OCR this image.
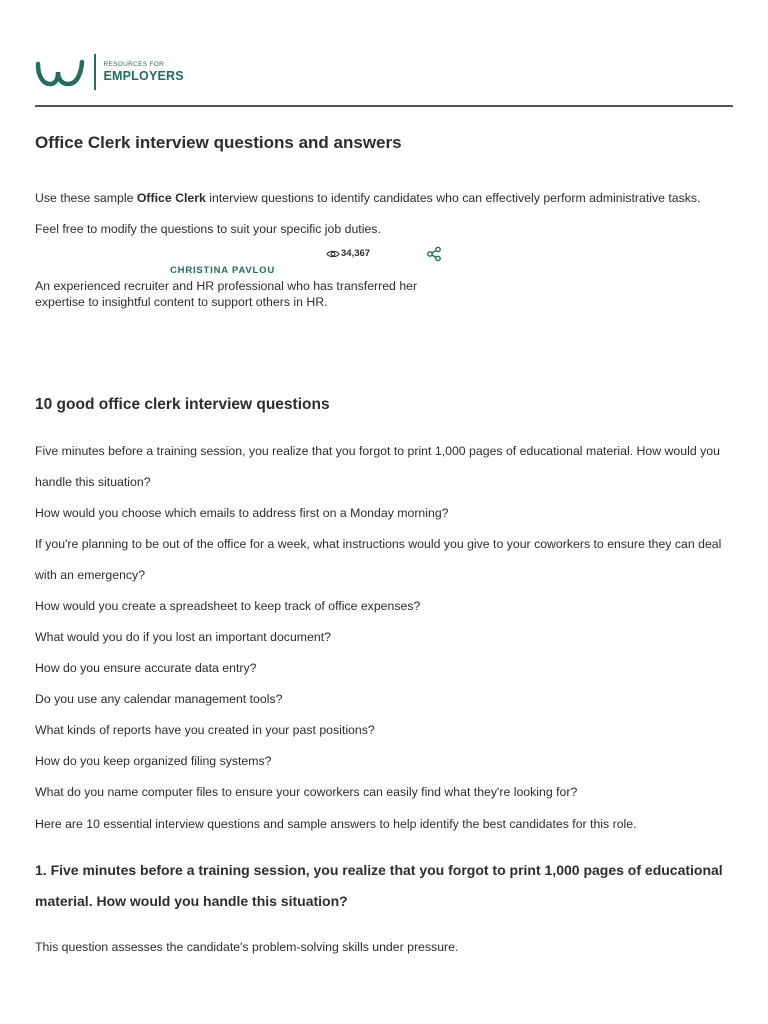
RESOURCES FOR
EMPLOYERS
Office Clerk interview questions and answers
Use these sample Office Clerk interview questions to identify candidates who can effectively perform administrative tasks. Feel free to modify the questions to suit your specific job duties.
34,367
CHRISTINA PAVLOU
An experienced recruiter and HR professional who has transferred her expertise to insightful content to support others in HR.
10 good office clerk interview questions
Five minutes before a training session, you realize that you forgot to print 1,000 pages of educational material. How would you handle this situation?
How would you choose which emails to address first on a Monday morning?
If you're planning to be out of the office for a week, what instructions would you give to your coworkers to ensure they can deal with an emergency?
How would you create a spreadsheet to keep track of office expenses?
What would you do if you lost an important document?
How do you ensure accurate data entry?
Do you use any calendar management tools?
What kinds of reports have you created in your past positions?
How do you keep organized filing systems?
What do you name computer files to ensure your coworkers can easily find what they're looking for?
Here are 10 essential interview questions and sample answers to help identify the best candidates for this role.
1. Five minutes before a training session, you realize that you forgot to print 1,000 pages of educational material. How would you handle this situation?
This question assesses the candidate's problem-solving skills under pressure.
